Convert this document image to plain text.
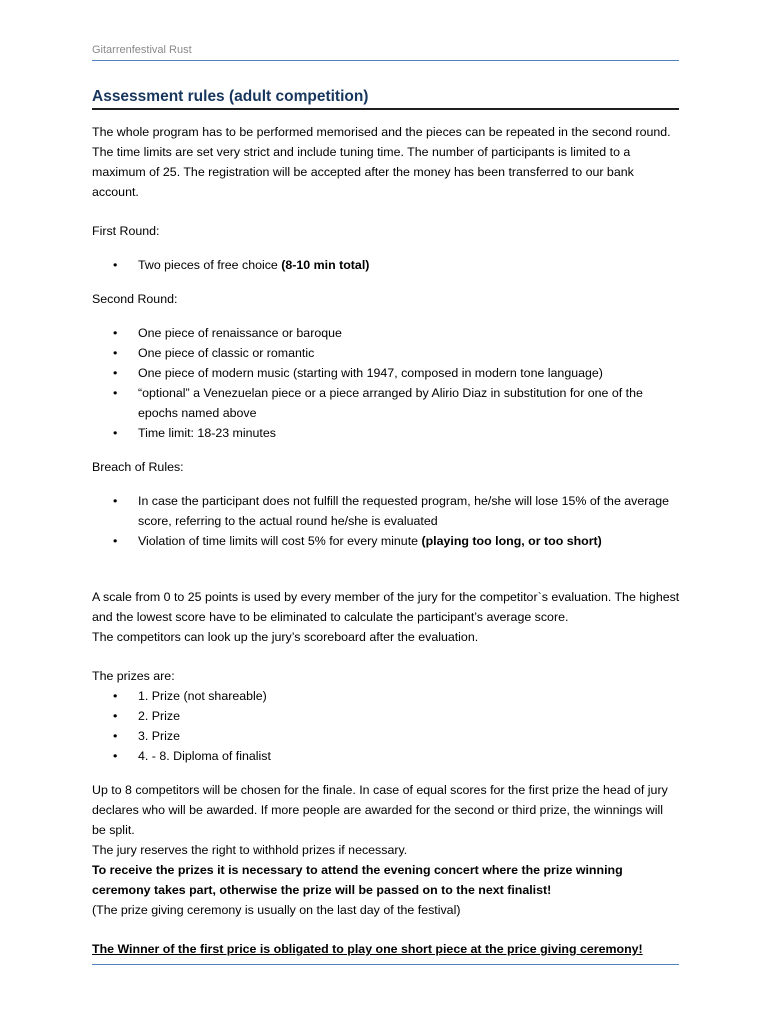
Gitarrenfestival Rust
Assessment rules (adult competition)

The whole program has to be performed memorised and the pieces can be repeated in the second round. The time limits are set very strict and include tuning time. The number of participants is limited to a maximum of 25. The registration will be accepted after the money has been transferred to our bank account.

First Round:

• Two pieces of free choice (8-10 min total)

Second Round:

• One piece of renaissance or baroque
• One piece of classic or romantic
• One piece of modern music (starting with 1947, composed in modern tone language)
• “optional” a Venezuelan piece or a piece arranged by Alirio Diaz in substitution for one of the epochs named above
• Time limit: 18-23 minutes

Breach of Rules:

• In case the participant does not fulfill the requested program, he/she will lose 15% of the average score, referring to the actual round he/she is evaluated
• Violation of time limits will cost 5% for every minute (playing too long, or too short)

A scale from 0 to 25 points is used by every member of the jury for the competitor`s evaluation. The highest and the lowest score have to be eliminated to calculate the participant’s average score.

The competitors can look up the jury’s scoreboard after the evaluation.

The prizes are:

• 1. Prize (not shareable)
• 2. Prize
• 3. Prize
• 4. - 8. Diploma of finalist

Up to 8 competitors will be chosen for the finale. In case of equal scores for the first prize the head of jury declares who will be awarded. If more people are awarded for the second or third prize, the winnings will be split.

The jury reserves the right to withhold prizes if necessary.

To receive the prizes it is necessary to attend the evening concert where the prize winning ceremony takes part, otherwise the prize will be passed on to the next finalist!

(The prize giving ceremony is usually on the last day of the festival)

The Winner of the first price is obligated to play one short piece at the price giving ceremony!
